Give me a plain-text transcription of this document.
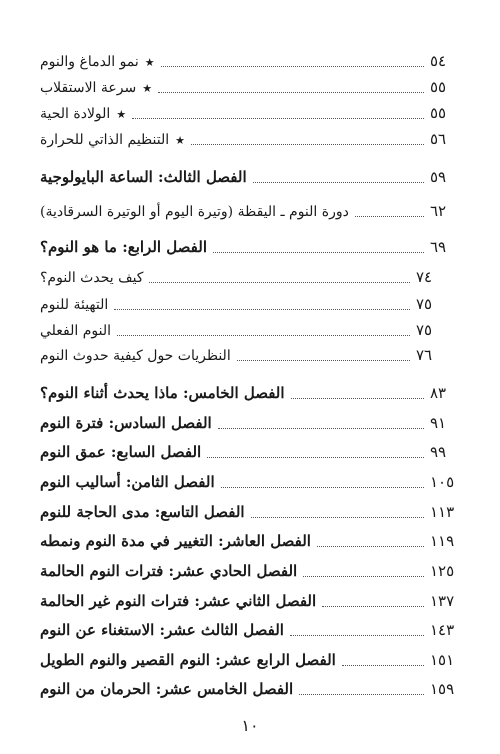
★نمو الدماغ والنوم	٥٤
★سرعة الاستقلاب	٥٥
★الولادة الحية	٥٥
★التنظيم الذاتي للحرارة	٥٦
الفصل الثالث: الساعة البايولوجية	٥٩
دورة النوم ـ اليقظة (وتيرة اليوم أو الوتيرة السرقادية)	٦٢
الفصل الرابع: ما هو النوم؟	٦٩
كيف يحدث النوم؟	٧٤
التهيئة للنوم	٧٥
النوم الفعلي	٧٥
النظريات حول كيفية حدوث النوم	٧٦
الفصل الخامس: ماذا يحدث أثناء النوم؟	٨٣
الفصل السادس: فترة النوم	٩١
الفصل السابع: عمق النوم	٩٩
الفصل الثامن: أساليب النوم	١٠٥
الفصل التاسع: مدى الحاجة للنوم	١١٣
الفصل العاشر: التغيير في مدة النوم ونمطه	١١٩
الفصل الحادي عشر: فترات النوم الحالمة	١٢٥
الفصل الثاني عشر: فترات النوم غير الحالمة	١٣٧
الفصل الثالث عشر: الاستغناء عن النوم	١٤٣
الفصل الرابع عشر: النوم القصير والنوم الطويل	١٥١
الفصل الخامس عشر: الحرمان من النوم	١٥٩
١٠
